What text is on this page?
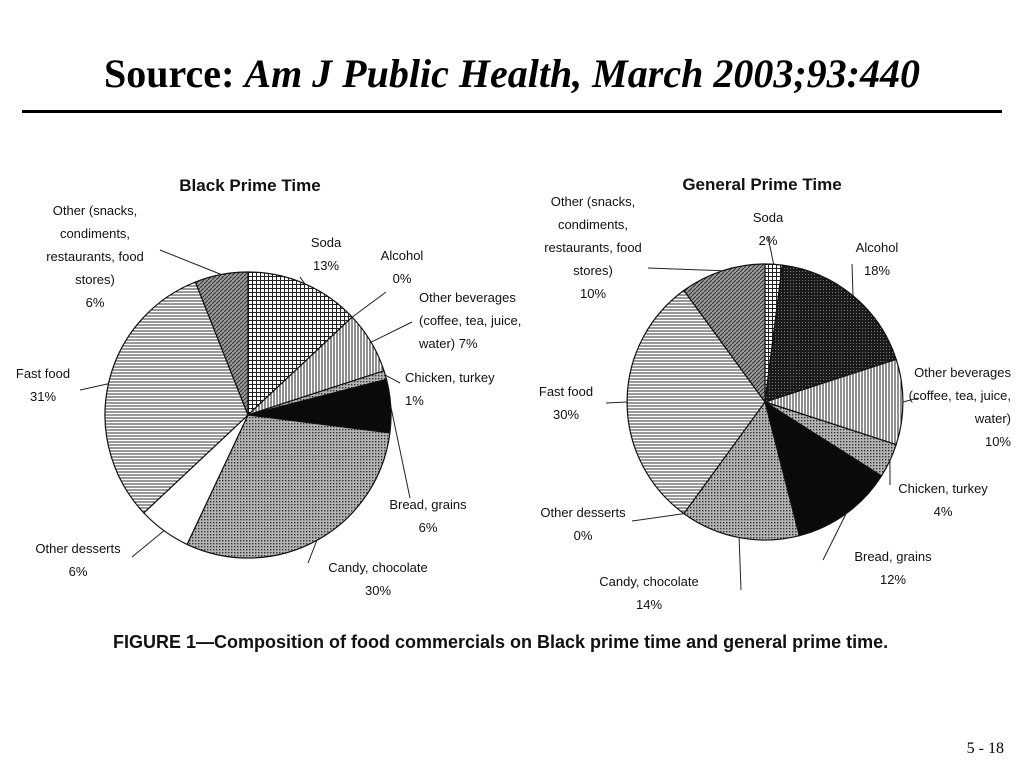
Source: Am J Public Health, March 2003;93:440
Soda 13%
Alcohol 0%
Other beverages (coffee, tea, juice, water) 7%
Chicken, turkey 1%
Bread, grains 6%
Candy, chocolate 30%
Other desserts 6%
Fast food 31%
Other (snacks, condiments, restaurants, food stores) 6%
Soda 2%	Alcohol 18%
Other beverages (coffee, tea, juice, water) 10%
Chicken, turkey 4%
Bread, grains 12%
Candy, chocolate 14%
Other desserts 0%
Fast food 30%
Other (snacks, condiments, restaurants, food stores) 10%
Black Prime Time	General Prime Time
FIGURE 1—Composition of food commercials on Black prime time and general prime time.
5 - 18
